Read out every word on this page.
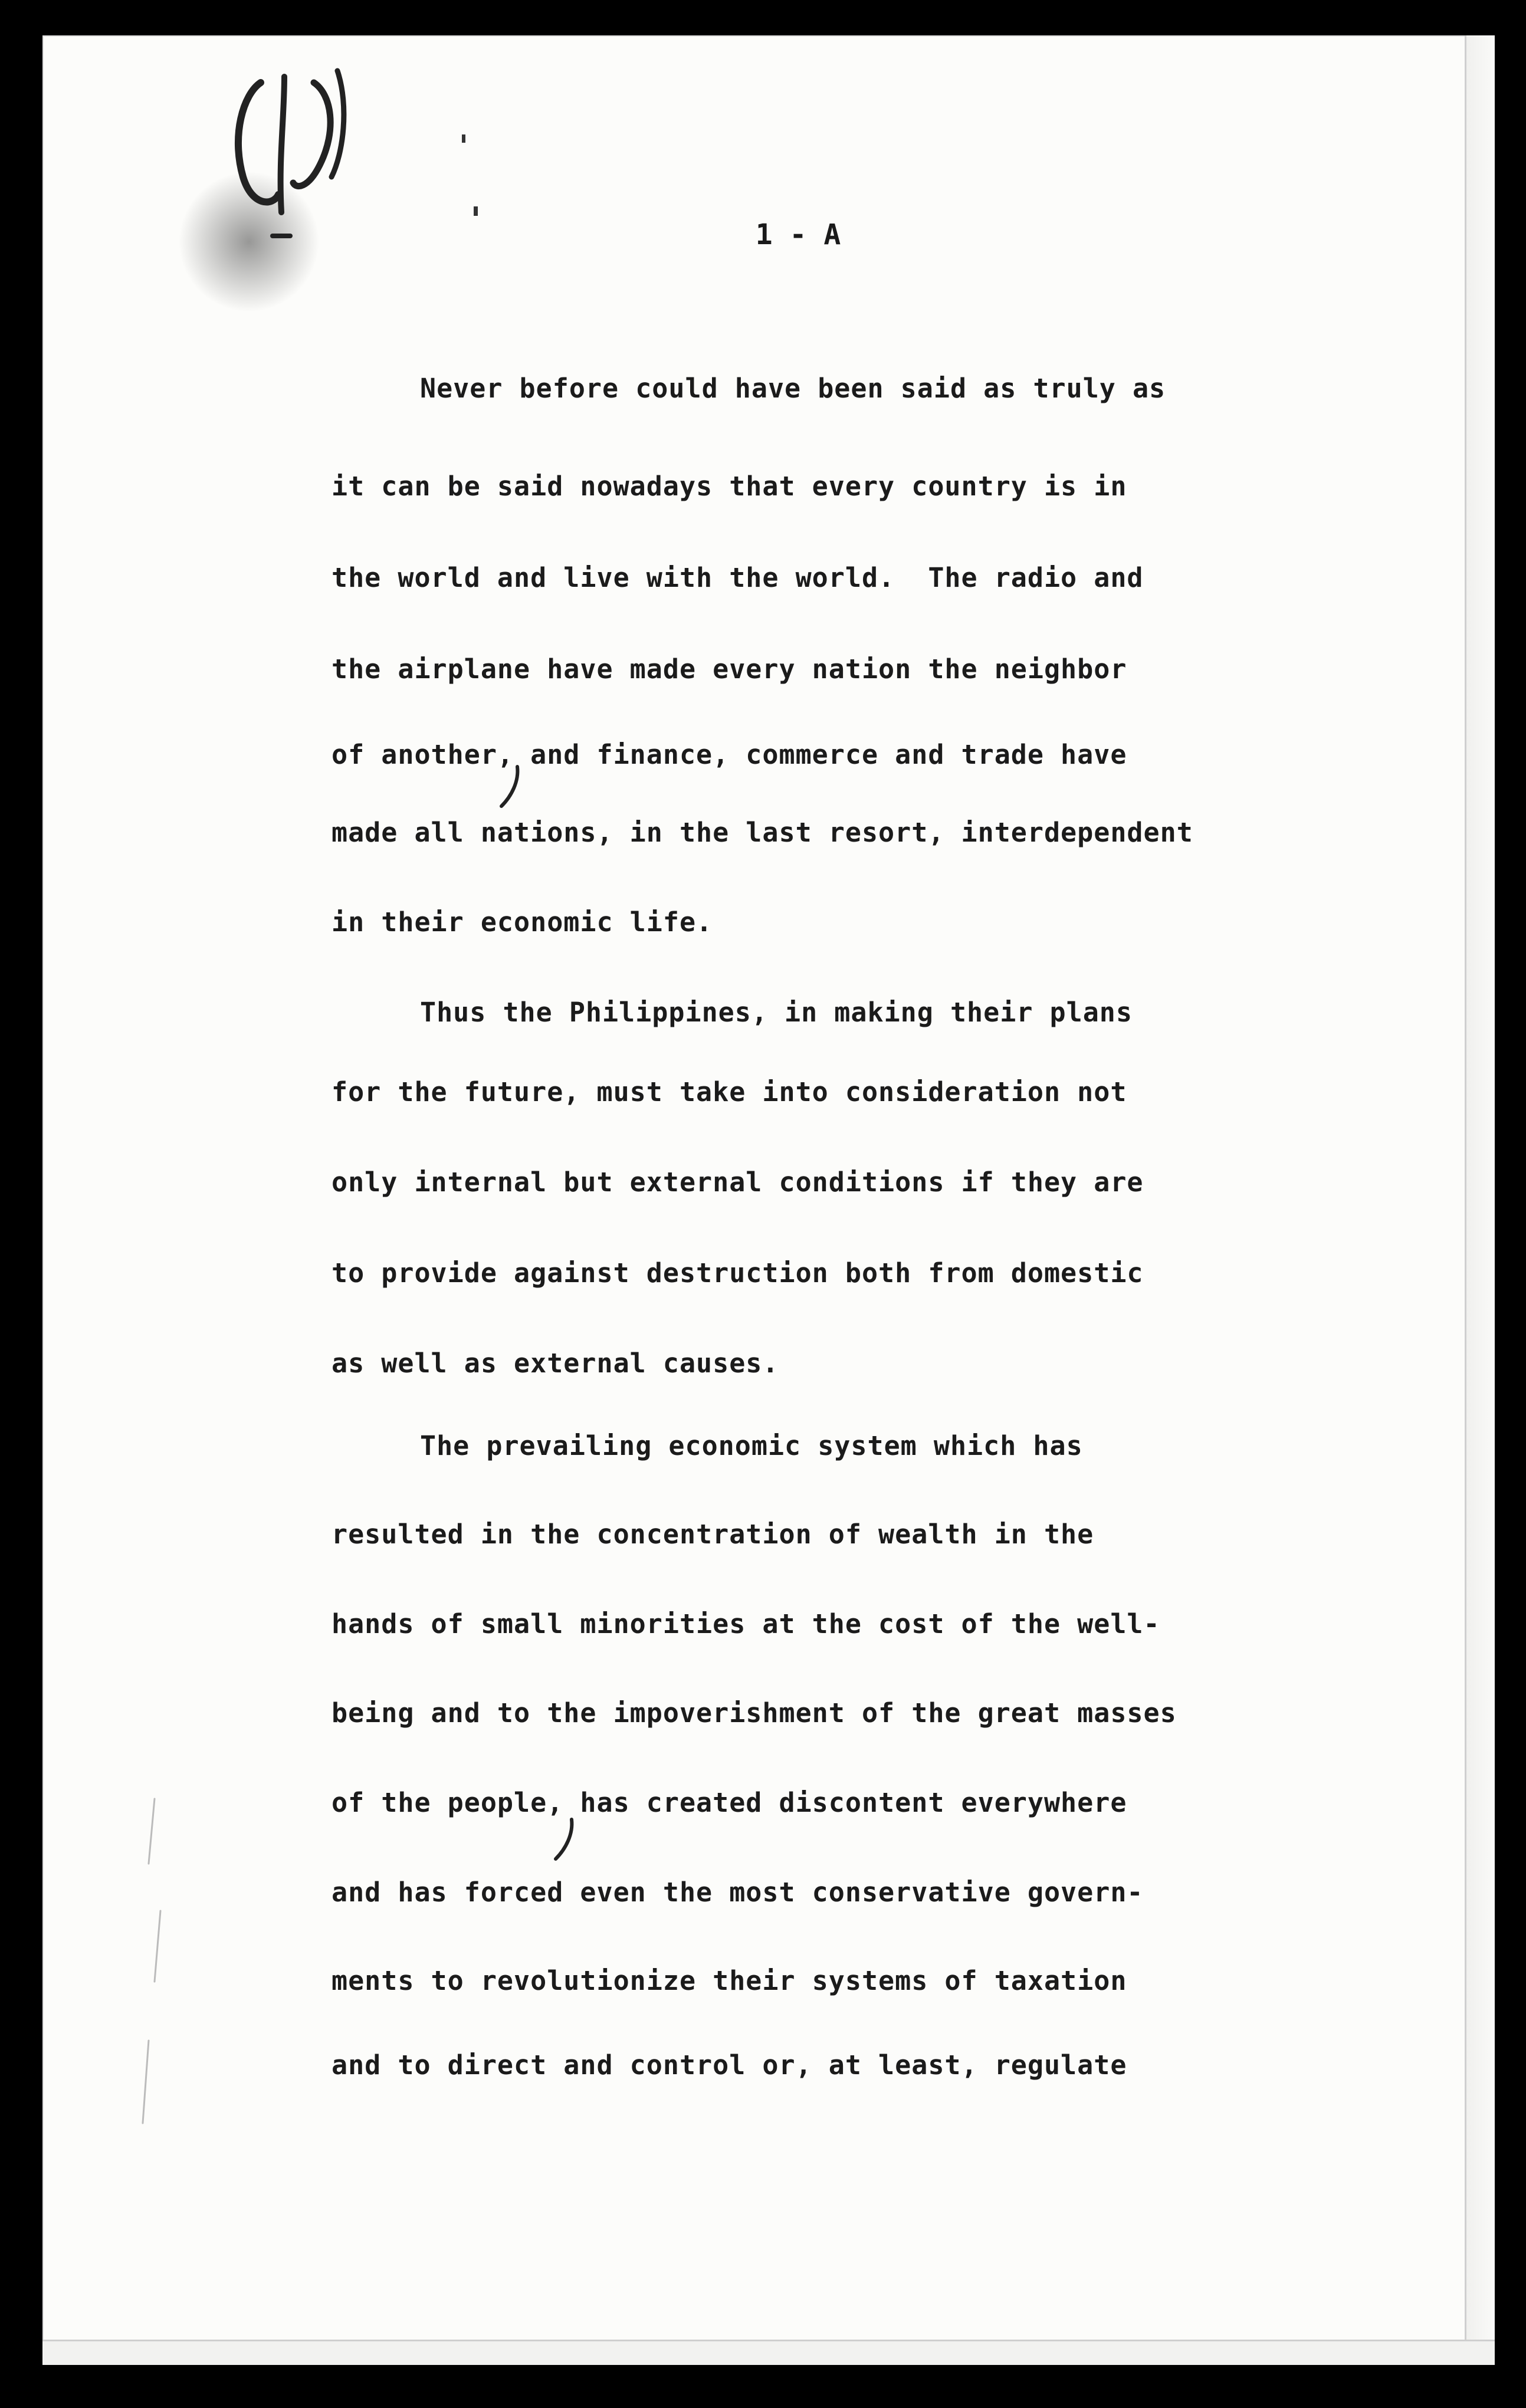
1 - A
Never before could have been said as truly as
it can be said nowadays that every country is in
the world and live with the world.  The radio and
the airplane have made every nation the neighbor
of another, and finance, commerce and trade have
made all nations, in the last resort, interdependent
in their economic life.
Thus the Philippines, in making their plans
for the future, must take into consideration not
only internal but external conditions if they are
to provide against destruction both from domestic
as well as external causes.
The prevailing economic system which has
resulted in the concentration of wealth in the
hands of small minorities at the cost of the well-
being and to the impoverishment of the great masses
of the people, has created discontent everywhere
and has forced even the most conservative govern-
ments to revolutionize their systems of taxation
and to direct and control or, at least, regulate
